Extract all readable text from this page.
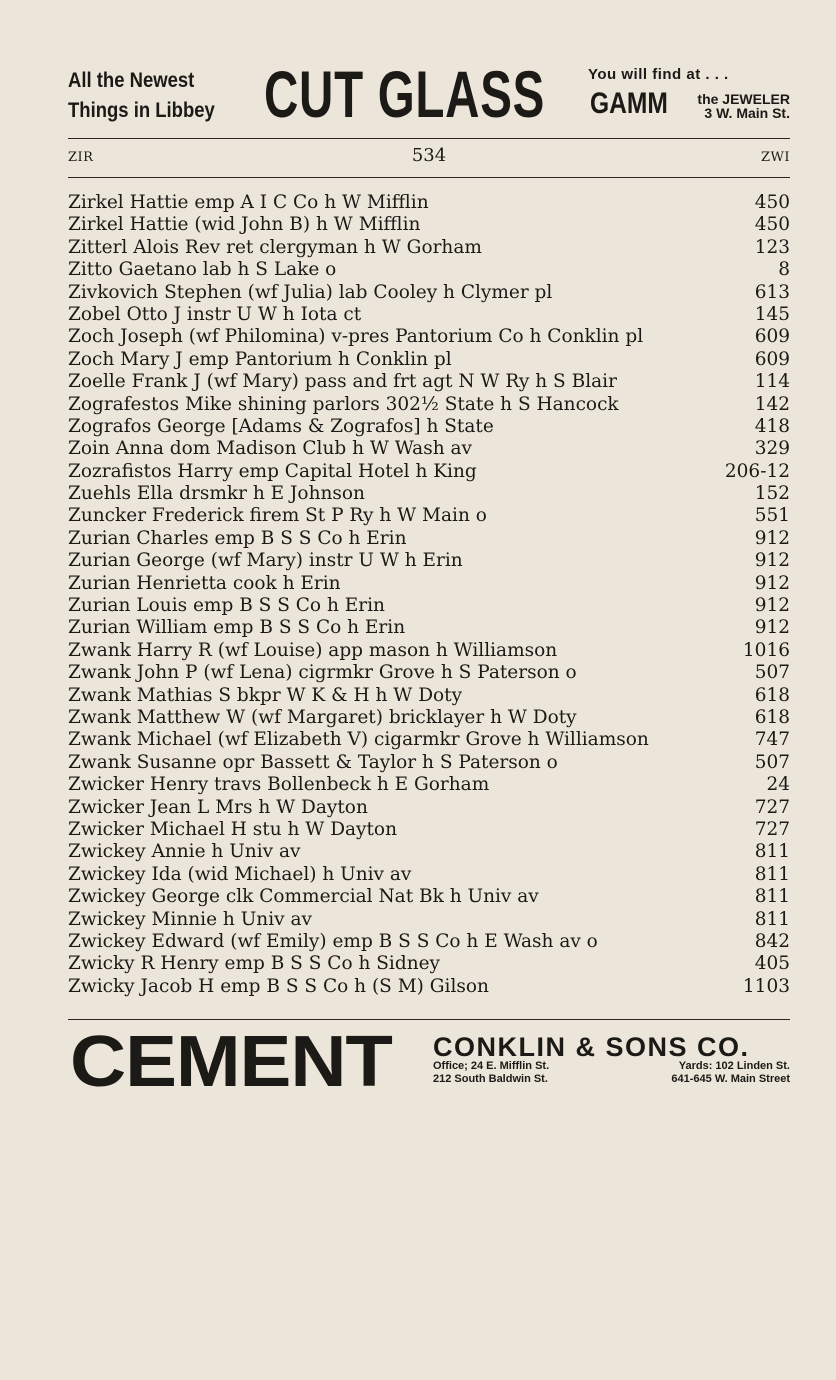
All the Newest
Things in Libbey CUT GLASS	You will find at . . .
GAMM the JEWELER
3 W. Main St.
ZIR	534	ZWI
Zirkel Hattie emp A I C Co h W Mifflin	450
Zirkel Hattie (wid John B) h W Mifflin	450
Zitterl Alois Rev ret clergyman h W Gorham	123
Zitto Gaetano lab h S Lake o	8
Zivkovich Stephen (wf Julia) lab Cooley h Clymer pl	613
Zobel Otto J instr U W h Iota ct	145
Zoch Joseph (wf Philomina) v-pres Pantorium Co h Conklin pl	609
Zoch Mary J emp Pantorium h Conklin pl	609
Zoelle Frank J (wf Mary) pass and frt agt N W Ry h S Blair	114
Zografestos Mike shining parlors 302½ State h S Hancock	142
Zografos George [Adams & Zografos] h State	418
Zoin Anna dom Madison Club h W Wash av	329
Zozrafistos Harry emp Capital Hotel h King	206-12
Zuehls Ella drsmkr h E Johnson	152
Zuncker Frederick firem St P Ry h W Main o	551
Zurian Charles emp B S S Co h Erin	912
Zurian George (wf Mary) instr U W h Erin	912
Zurian Henrietta cook h Erin	912
Zurian Louis emp B S S Co h Erin	912
Zurian William emp B S S Co h Erin	912
Zwank Harry R (wf Louise) app mason h Williamson	1016
Zwank John P (wf Lena) cigrmkr Grove h S Paterson o	507
Zwank Mathias S bkpr W K & H h W Doty	618
Zwank Matthew W (wf Margaret) bricklayer h W Doty	618
Zwank Michael (wf Elizabeth V) cigarmkr Grove h Williamson	747
Zwank Susanne opr Bassett & Taylor h S Paterson o	507
Zwicker Henry travs Bollenbeck h E Gorham	24
Zwicker Jean L Mrs h W Dayton	727
Zwicker Michael H stu h W Dayton	727
Zwickey Annie h Univ av	811
Zwickey Ida (wid Michael) h Univ av	811
Zwickey George clk Commercial Nat Bk h Univ av	811
Zwickey Minnie h Univ av	811
Zwickey Edward (wf Emily) emp B S S Co h E Wash av o	842
Zwicky R Henry emp B S S Co h Sidney	405
Zwicky Jacob H emp B S S Co h (S M) Gilson	1103
CEMENT CONKLIN & SONS CO.
Office; 24 E. Mifflin St.
212 South Baldwin St.
Yards: 102 Linden St.
641-645 W. Main Street
